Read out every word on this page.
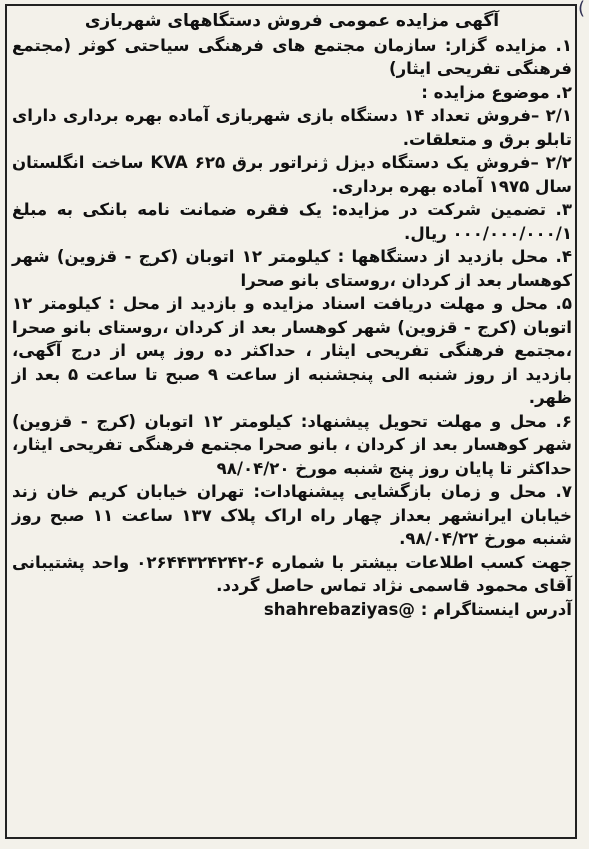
(
آگهی مزایده عمومی فروش دستگاههای شهربازی

۱. مزایده گزار: سازمان مجتمع های فرهنگی سیاحتی کوثر (مجتمع فرهنگی تفریحی ایثار)

۲. موضوع مزایده :

۲/۱ –فروش تعداد ۱۴ دستگاه بازی شهربازی آماده بهره برداری دارای تابلو برق و متعلقات.

۲/۲ –فروش یک دستگاه دیزل ژنراتور برق KVA ۶۲۵ ساخت انگلستان سال ۱۹۷۵ آماده بهره برداری.

۳. تضمین شرکت در مزایده: یک فقره ضمانت نامه بانکی به مبلغ ۰۰۰/۰۰۰/۰۰۰/۱ ریال.

۴. محل بازدید از دستگاهها : کیلومتر ۱۲ اتوبان (کرج - قزوین) شهر کوهسار بعد از کردان ،روستای بانو صحرا

۵. محل و مهلت دریافت اسناد مزایده و بازدید از محل : کیلومتر ۱۲ اتوبان (کرج - قزوین) شهر کوهسار بعد از کردان ،روستای بانو صحرا ،مجتمع فرهنگی تفریحی ایثار ، حداکثر ده روز پس از درج آگهی، بازدید از روز شنبه الی پنجشنبه از ساعت ۹ صبح تا ساعت ۵ بعد از ظهر.

۶. محل و مهلت تحویل پیشنهاد: کیلومتر ۱۲ اتوبان (کرج - قزوین) شهر کوهسار بعد از کردان ، بانو صحرا مجتمع فرهنگی تفریحی ایثار، حداکثر تا پایان روز پنج شنبه مورخ ۹۸/۰۴/۲۰

۷. محل و زمان بازگشایی پیشنهادات: تهران خیابان کریم خان زند خیابان ایرانشهر بعداز چهار راه اراک پلاک ۱۳۷ ساعت ۱۱ صبح روز شنبه مورخ ۹۸/۰۴/۲۲.

جهت کسب اطلاعات بیشتر با شماره ۶-۰۲۶۴۴۳۲۴۲۴۲ واحد پشتیبانی آقای محمود قاسمی نژاد تماس حاصل گردد.

آدرس اینستاگرام : shahrebaziyas@
